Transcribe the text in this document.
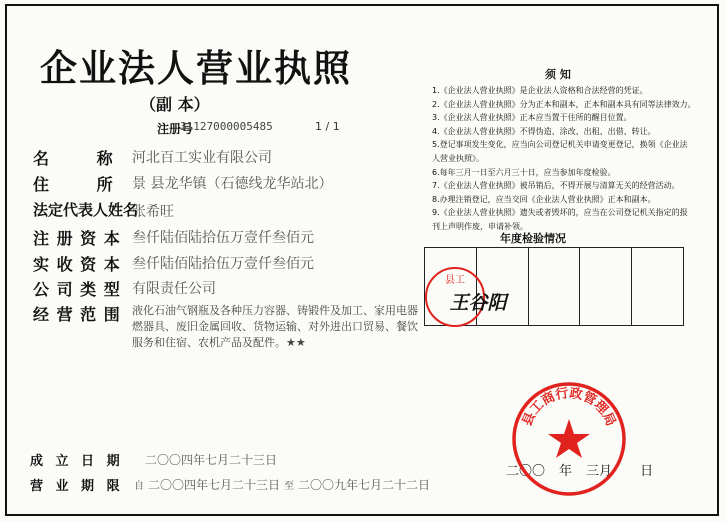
企业法人营业执照
（副 本）
注册号
31127000005485	1 / 1
名 称 河北百工实业有限公司
住 所 景 县龙华镇（石德线龙华站北）
法定代表人姓名
张希旺
注 册 资 本 叁仟陆佰陆拾伍万壹仟叁佰元
实 收 资 本 叁仟陆佰陆拾伍万壹仟叁佰元
公 司 类 型 有限责任公司
经 营 范 围 液化石油气钢瓶及各种压力容器、铸锻件及加工、家用电器燃器具、废旧金属回收、货物运输、对外进出口贸易、餐饮服务和住宿、农机产品及配件。★★
成 立 日 期 二〇〇四年七月二十三日
营 业 期 限	自 二〇〇四年七月二十三日 至 二〇〇九年七月二十二日
须 知
1.《企业法人营业执照》是企业法人资格和合法经营的凭证。
2.《企业法人营业执照》分为正本和副本，正本和副本具有同等法律效力。
3.《企业法人营业执照》正本应当置于住所的醒目位置。
4.《企业法人营业执照》不得伪造、涂改、出租、出借、转让。
5.登记事项发生变化，应当向公司登记机关申请变更登记，换领《企业法
人营业执照》。
6.每年三月一日至六月三十日，应当参加年度检验。
7.《企业法人营业执照》被吊销后，不得开展与清算无关的经营活动。
8.办理注销登记，应当交回《企业法人营业执照》正本和副本。
9.《企业法人营业执照》遗失或者毁坏的，应当在公司登记机关指定的报
刊上声明作废，申请补领。
年度检验情况
县工
王谷阳
二〇〇 年 三月 日
县工商行政管理局
